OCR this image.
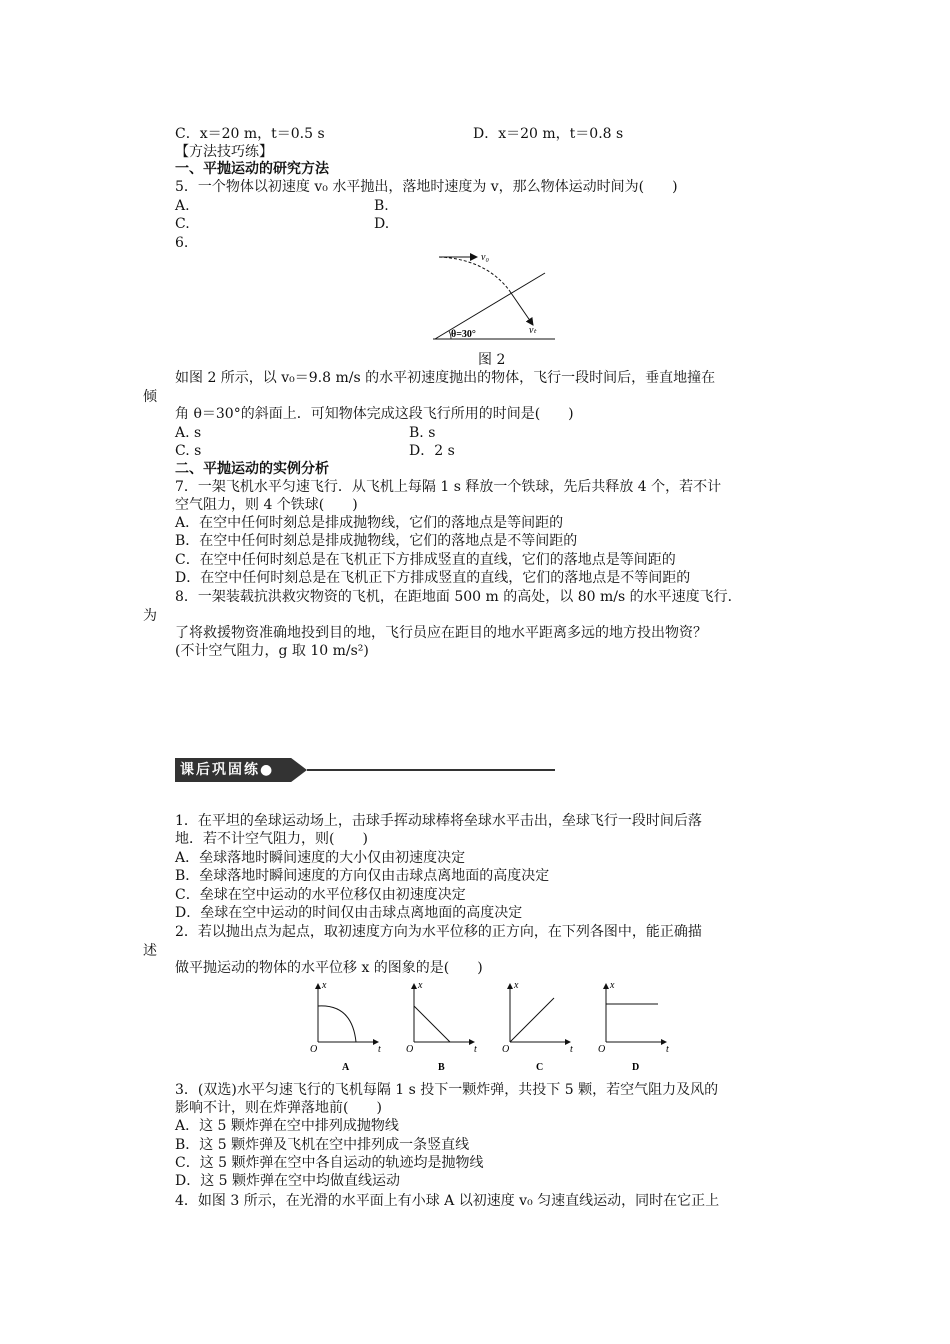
C．x＝20 m，t＝0.5 s	D．x＝20 m，t＝0.8 s
【方法技巧练】
一、平抛运动的研究方法
5．一个物体以初速度 v₀ 水平抛出，落地时速度为 v，那么物体运动时间为(　　)
A.	B.
C.	D.
6.
v₀
vₜ
θ=30°
图 2
如图 2 所示，以 v₀＝9.8 m/s 的水平初速度抛出的物体，飞行一段时间后，垂直地撞在
倾
角 θ＝30°的斜面上．可知物体完成这段飞行所用的时间是(　　)
A. s	B. s
C. s	D．2 s
二、平抛运动的实例分析
7．一架飞机水平匀速飞行．从飞机上每隔 1 s 释放一个铁球，先后共释放 4 个，若不计
空气阻力，则 4 个铁球(　　)
A．在空中任何时刻总是排成抛物线，它们的落地点是等间距的
B．在空中任何时刻总是排成抛物线，它们的落地点是不等间距的
C．在空中任何时刻总是在飞机正下方排成竖直的直线，它们的落地点是等间距的
D．在空中任何时刻总是在飞机正下方排成竖直的直线，它们的落地点是不等间距的
8．一架装载抗洪救灾物资的飞机，在距地面 500 m 的高处，以 80 m/s 的水平速度飞行．
为
了将救援物资准确地投到目的地，飞行员应在距目的地水平距离多远的地方投出物资？
(不计空气阻力，g 取 10 m/s²)
课后巩固练●
1．在平坦的垒球运动场上，击球手挥动球棒将垒球水平击出，垒球飞行一段时间后落
地．若不计空气阻力，则(　　)
A．垒球落地时瞬间速度的大小仅由初速度决定
B．垒球落地时瞬间速度的方向仅由击球点离地面的高度决定
C．垒球在空中运动的水平位移仅由初速度决定
D．垒球在空中运动的时间仅由击球点离地面的高度决定
2．若以抛出点为起点，取初速度方向为水平位移的正方向，在下列各图中，能正确描
述
做平抛运动的物体的水平位移 x 的图象的是(　　)
x
t
O
A
x
t
O
B
x
t
O
C
x
t
O
D
3．(双选)水平匀速飞行的飞机每隔 1 s 投下一颗炸弹，共投下 5 颗，若空气阻力及风的
影响不计，则在炸弹落地前(　　)
A．这 5 颗炸弹在空中排列成抛物线
B．这 5 颗炸弹及飞机在空中排列成一条竖直线
C．这 5 颗炸弹在空中各自运动的轨迹均是抛物线
D．这 5 颗炸弹在空中均做直线运动
4．如图 3 所示，在光滑的水平面上有小球 A 以初速度 v₀ 匀速直线运动，同时在它正上
